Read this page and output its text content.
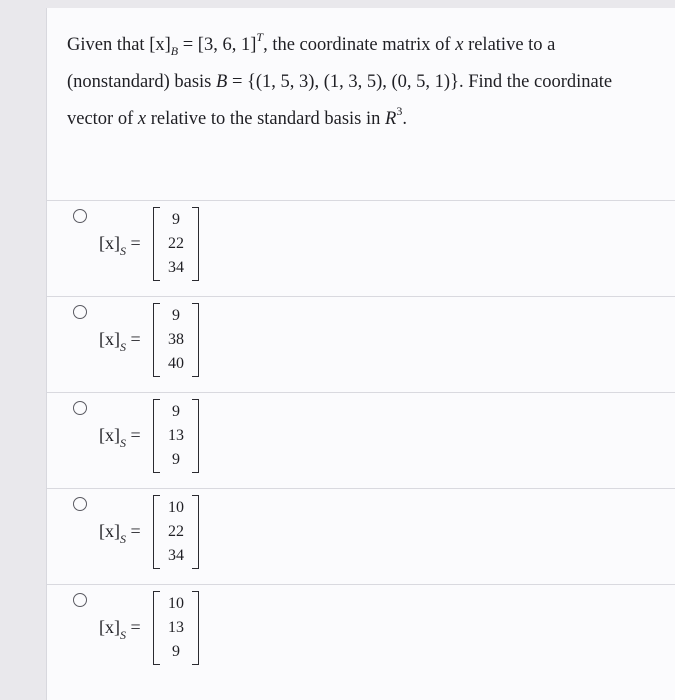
Given that $[x]_B = [3$, 6, 1]$^T$, the coordinate matrix of x relative to a (nonstandard) basis B = {(1, 5, 3), (1, 3, 5), (0, 5, 1)}. Find the coordinate vector of x relative to the standard basis in $R^3$.

$[x]_S$ =
9
22
34
$[x]_S$ =
9
38
40
$[x]_S$ =
9
13
9
$[x]_S$ =
10
22
34
$[x]_S$ =
10
13
9
